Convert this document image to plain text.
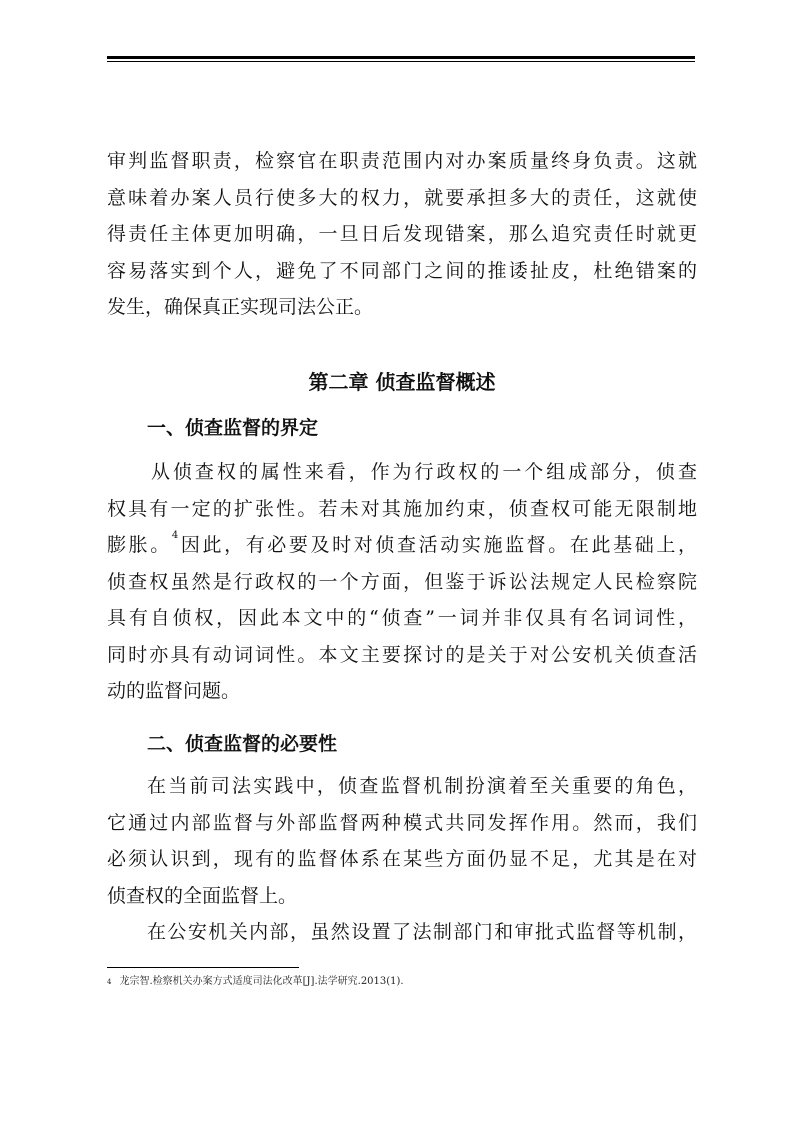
审判监督职责，检察官在职责范围内对办案质量终身负责。这就
意味着办案人员行使多大的权力，就要承担多大的责任，这就使
得责任主体更加明确，一旦日后发现错案，那么追究责任时就更
容易落实到个人，避免了不同部门之间的推诿扯皮，杜绝错案的
发生，确保真正实现司法公正。
第二章 侦查监督概述
一、侦查监督的界定
从侦查权的属性来看，作为行政权的一个组成部分，侦查
权具有一定的扩张性。若未对其施加约束，侦查权可能无限制地
膨胀。$^4$因此，有必要及时对侦查活动实施监督。在此基础上，
侦查权虽然是行政权的一个方面，但鉴于诉讼法规定人民检察院
具有自侦权，因此本文中的“侦查”一词并非仅具有名词词性，
同时亦具有动词词性。本文主要探讨的是关于对公安机关侦查活
动的监督问题。
二、侦查监督的必要性
在当前司法实践中，侦查监督机制扮演着至关重要的角色，
它通过内部监督与外部监督两种模式共同发挥作用。然而，我们
必须认识到，现有的监督体系在某些方面仍显不足，尤其是在对
侦查权的全面监督上。
在公安机关内部，虽然设置了法制部门和审批式监督等机制，
$^4$ 龙宗智.检察机关办案方式适度司法化改革[J].法学研究.2013(1).
